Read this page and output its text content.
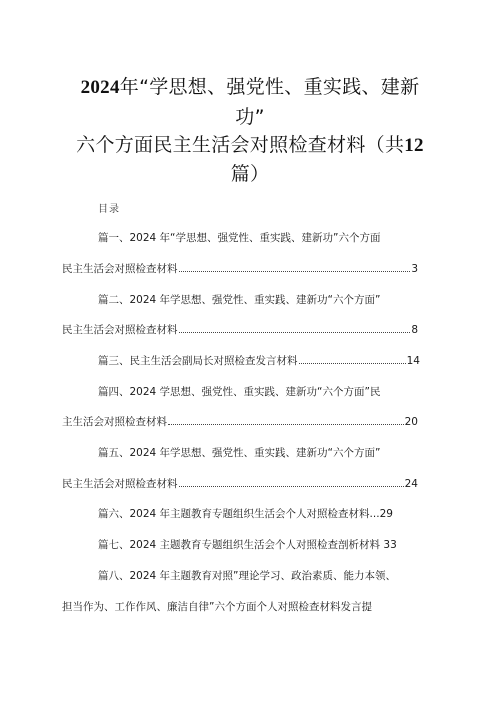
2024年“学思想、强党性、重实践、建新
功”
六个方面民主生活会对照检查材料（共12
篇）
目录
篇一、2024 年“学思想、强党性、重实践、建新功”六个方面
民主生活会对照检查材料	3
篇二、2024 年学思想、强党性、重实践、建新功“六个方面”
民主生活会对照检查材料	8
篇三、民主生活会副局长对照检查发言材料	14
篇四、2024 学思想、强党性、重实践、建新功“六个方面”民
主生活会对照检查材料	20
篇五、2024 年学思想、强党性、重实践、建新功“六个方面”
民主生活会对照检查材料	24
篇六、2024 年主题教育专题组织生活会个人对照检查材料...29
篇七、2024 主题教育专题组织生活会个人对照检查剖析材料 33
篇八、2024 年主题教育对照”理论学习、政治素质、能力本领、
担当作为、工作作风、廉洁自律”六个方面个人对照检查材料发言提
